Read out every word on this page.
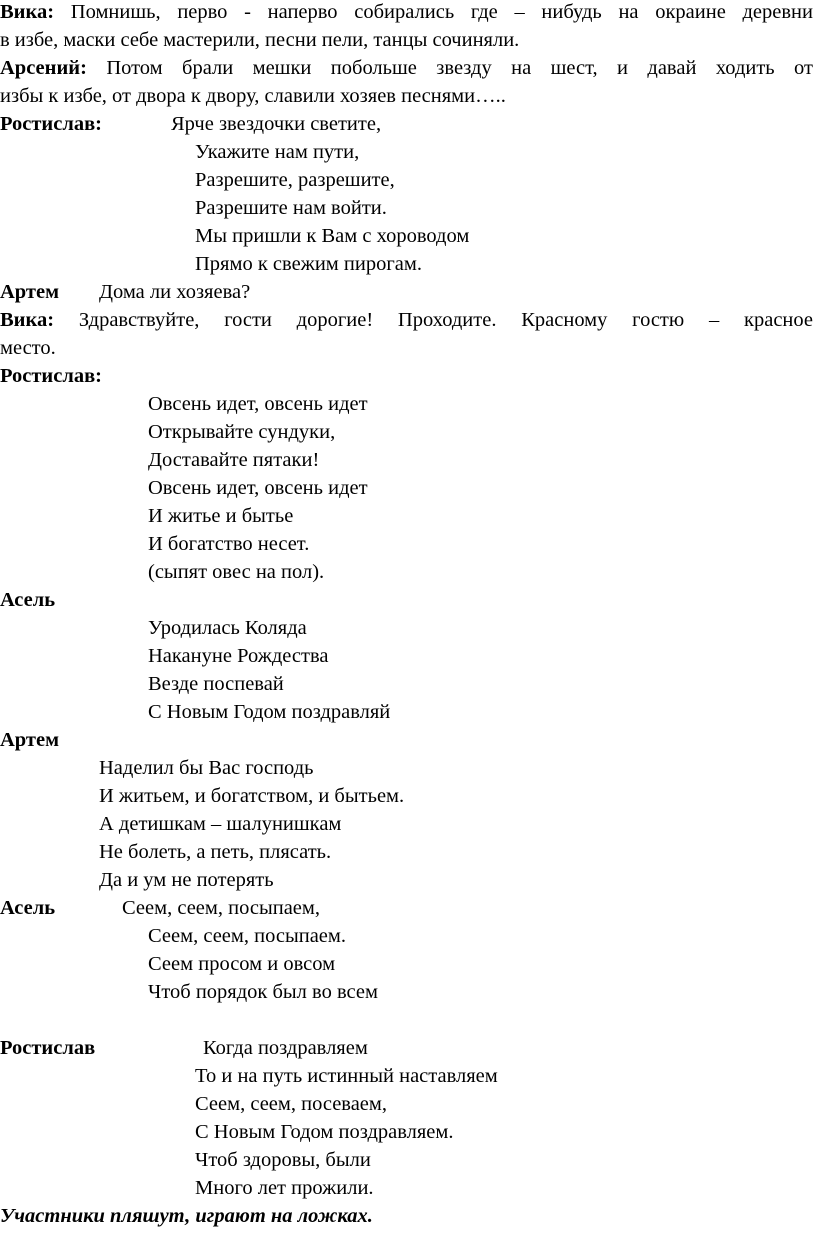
Вика: Помнишь, перво - наперво собирались где – нибудь на окраине деревни
в избе, маски себе мастерили, песни пели, танцы сочиняли.
Арсений: Потом брали мешки побольше звезду на шест, и давай ходить от
избы к избе, от двора к двору, славили хозяев песнями…..
Ростислав:	Ярче звездочки светите,
Укажите нам пути,
Разрешите, разрешите,
Разрешите нам войти.
Мы пришли к Вам с хороводом
Прямо к свежим пирогам.
Артем Дома ли хозяева?
Вика: Здравствуйте, гости дорогие! Проходите. Красному гостю – красное
место.
Ростислав:
Овсень идет, овсень идет
Открывайте сундуки,
Доставайте пятаки!
Овсень идет, овсень идет
И житье и бытье
И богатство несет.
(сыпят овес на пол).
Асель
Уродилась Коляда
Накануне Рождества
Везде поспевай
С Новым Годом поздравляй
Артем
Наделил бы Вас господь
И житьем, и богатством, и бытьем.
А детишкам – шалунишкам
Не болеть, а петь, плясать.
Да и ум не потерять
Асель	Сеем, сеем, посыпаем,
Сеем, сеем, посыпаем.
Сеем просом и овсом
Чтоб порядок был во всем
Ростислав	Когда поздравляем
То и на путь истинный наставляем
Сеем, сеем, посеваем,
С Новым Годом поздравляем.
Чтоб здоровы, были
Много лет прожили.
Участники пляшут, играют на ложках.
